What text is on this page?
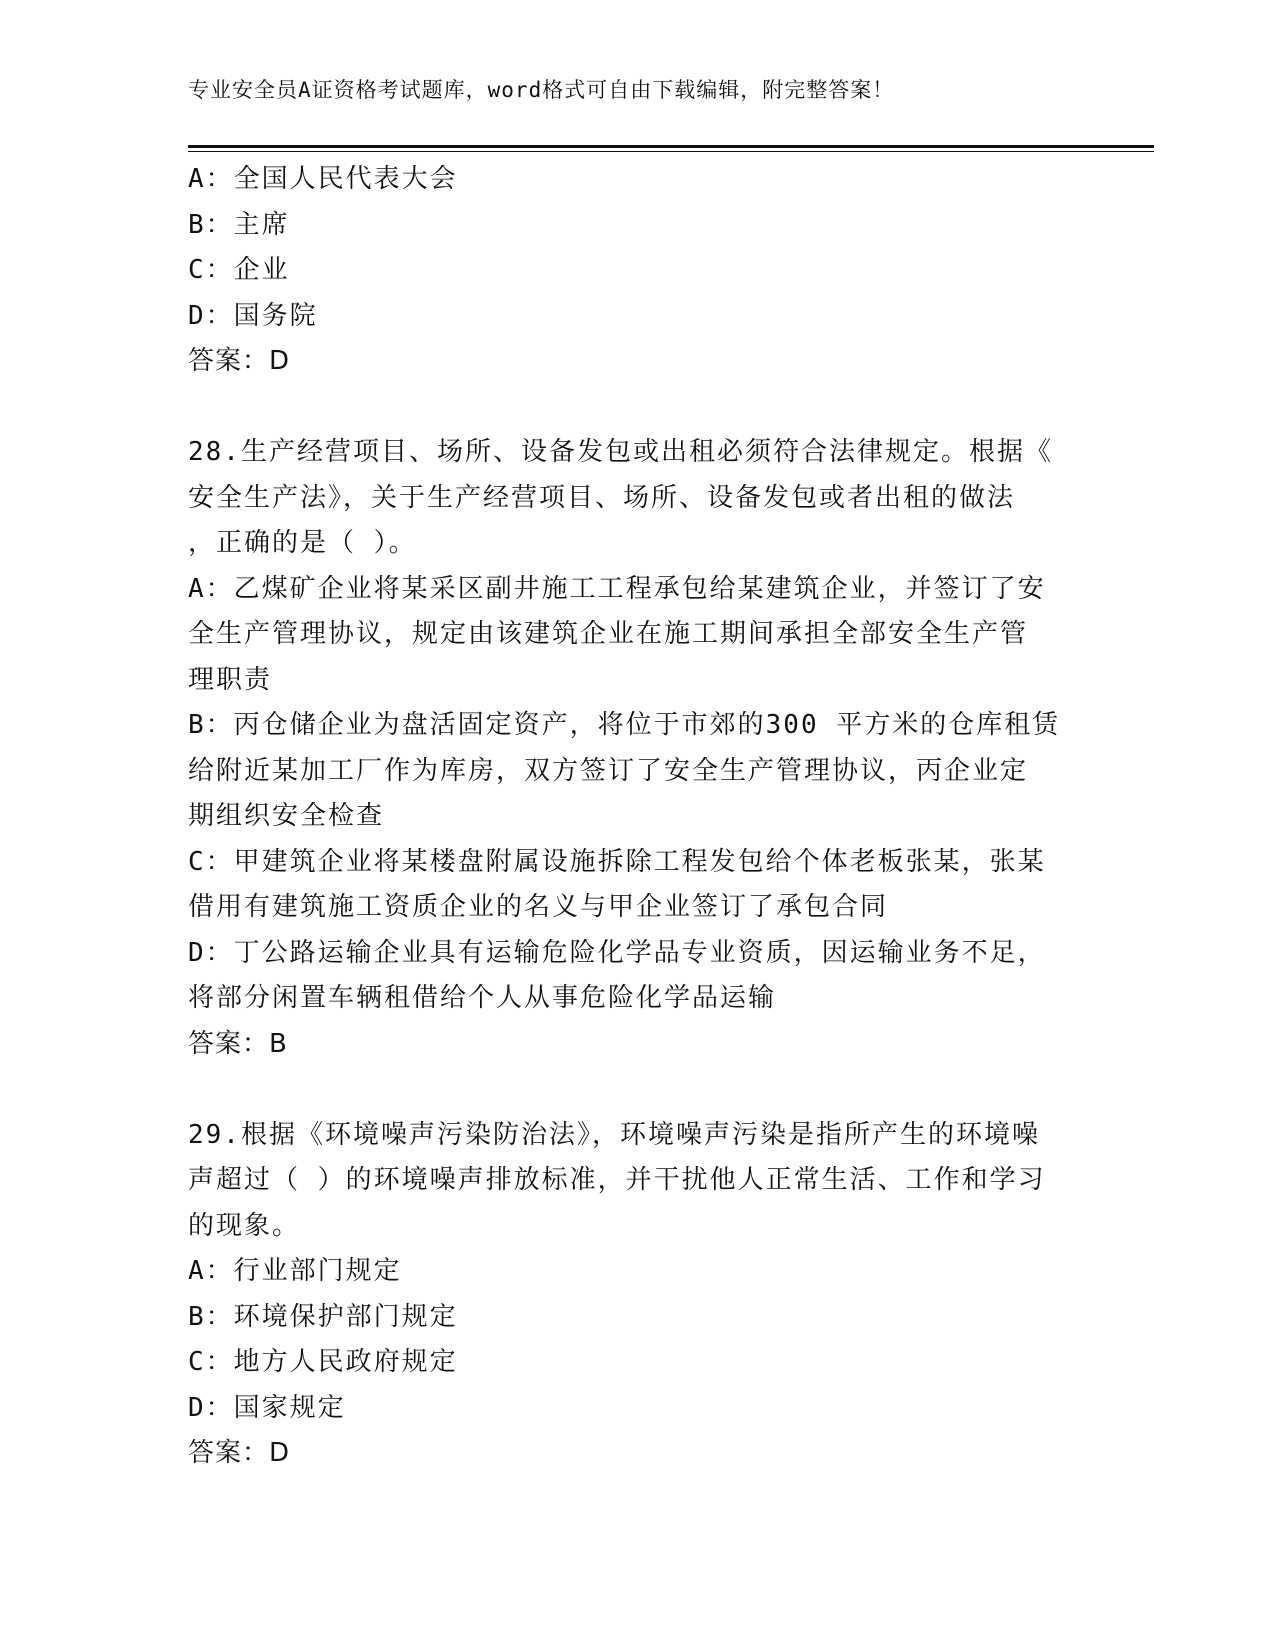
专业安全员A证资格考试题库，word格式可自由下载编辑，附完整答案！
A：全国人民代表大会
B：主席
C：企业
D：国务院
答案：D
28.生产经营项目、场所、设备发包或出租必须符合法律规定。根据《
安全生产法》，关于生产经营项目、场所、设备发包或者出租的做法
，正确的是（ ）。
A：乙煤矿企业将某采区副井施工工程承包给某建筑企业，并签订了安
全生产管理协议，规定由该建筑企业在施工期间承担全部安全生产管
理职责
B：丙仓储企业为盘活固定资产，将位于市郊的300 平方米的仓库租赁
给附近某加工厂作为库房，双方签订了安全生产管理协议，丙企业定
期组织安全检查
C：甲建筑企业将某楼盘附属设施拆除工程发包给个体老板张某，张某
借用有建筑施工资质企业的名义与甲企业签订了承包合同
D：丁公路运输企业具有运输危险化学品专业资质，因运输业务不足，
将部分闲置车辆租借给个人从事危险化学品运输
答案：B
29.根据《环境噪声污染防治法》，环境噪声污染是指所产生的环境噪
声超过（ ）的环境噪声排放标准，并干扰他人正常生活、工作和学习
的现象。
A：行业部门规定
B：环境保护部门规定
C：地方人民政府规定
D：国家规定
答案：D
